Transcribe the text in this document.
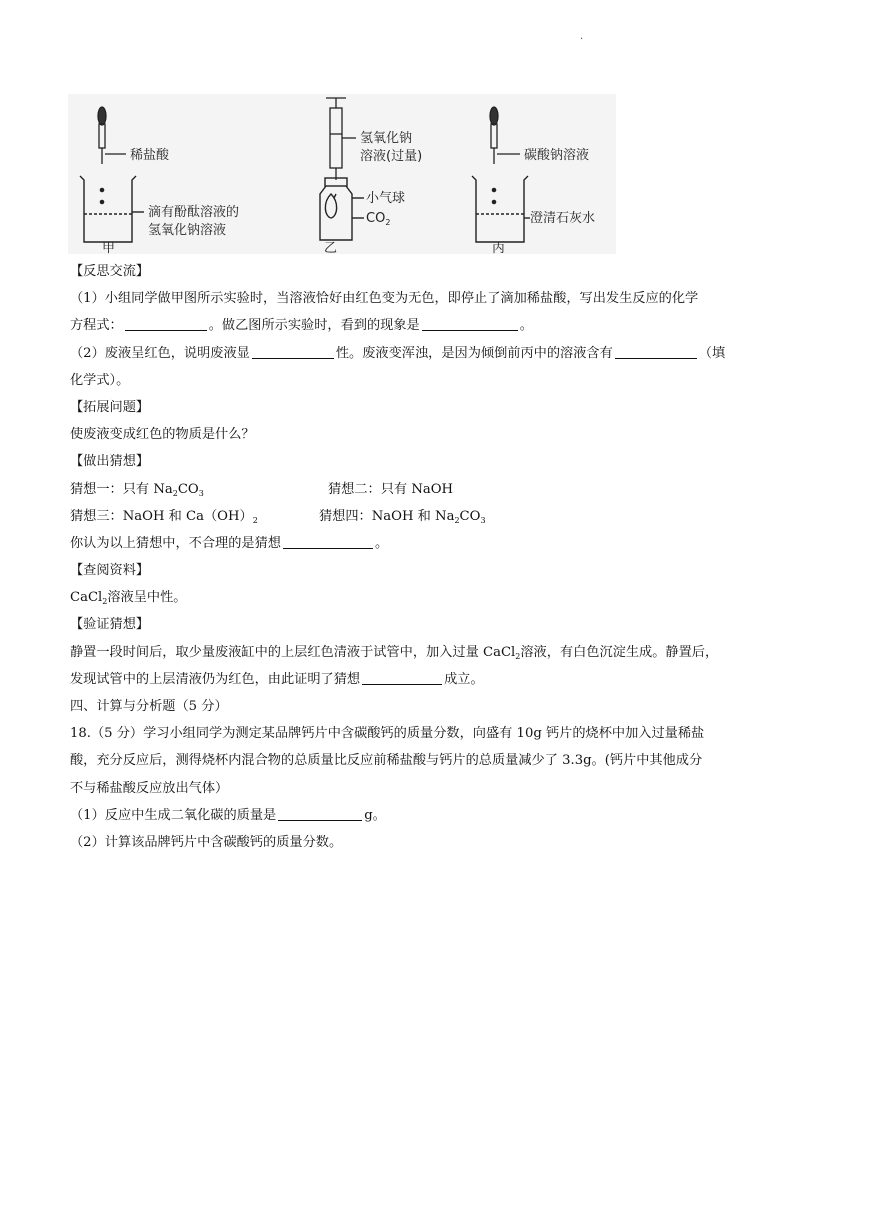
·
稀盐酸
滴有酚酞溶液的
氢氧化钠溶液
甲
氢氧化钠
溶液(过量)
小气球
$CO_2$
乙
碳酸钠溶液
澄清石灰水
丙
【反思交流】
（1）小组同学做甲图所示实验时，当溶液恰好由红色变为无色，即停止了滴加稀盐酸，写出发生反应的化学
方程式：	。做乙图所示实验时，看到的现象是	。
（2）废液呈红色，说明废液显	性。废液变浑浊，是因为倾倒前丙中的溶液含有	（填
化学式）。
【拓展问题】
使废液变成红色的物质是什么？
【做出猜想】
猜想一：只有 $Na_2CO_3$	猜想二：只有 NaOH
猜想三：NaOH 和 $Ca(OH)_2$	猜想四：NaOH 和 $Na_2CO_3$
你认为以上猜想中，不合理的是猜想	。
【查阅资料】
CaCl$_2$溶液呈中性。
【验证猜想】
静置一段时间后，取少量废液缸中的上层红色清液于试管中，加入过量 CaCl$_2$溶液，有白色沉淀生成。静置后，
发现试管中的上层清液仍为红色，由此证明了猜想	成立。
四、计算与分析题（5 分）
18.（5 分）学习小组同学为测定某品牌钙片中含碳酸钙的质量分数，向盛有 10g 钙片的烧杯中加入过量稀盐
酸，充分反应后，测得烧杯内混合物的总质量比反应前稀盐酸与钙片的总质量减少了 3.3g。(钙片中其他成分
不与稀盐酸反应放出气体）
（1）反应中生成二氧化碳的质量是	g。
（2）计算该品牌钙片中含碳酸钙的质量分数。
